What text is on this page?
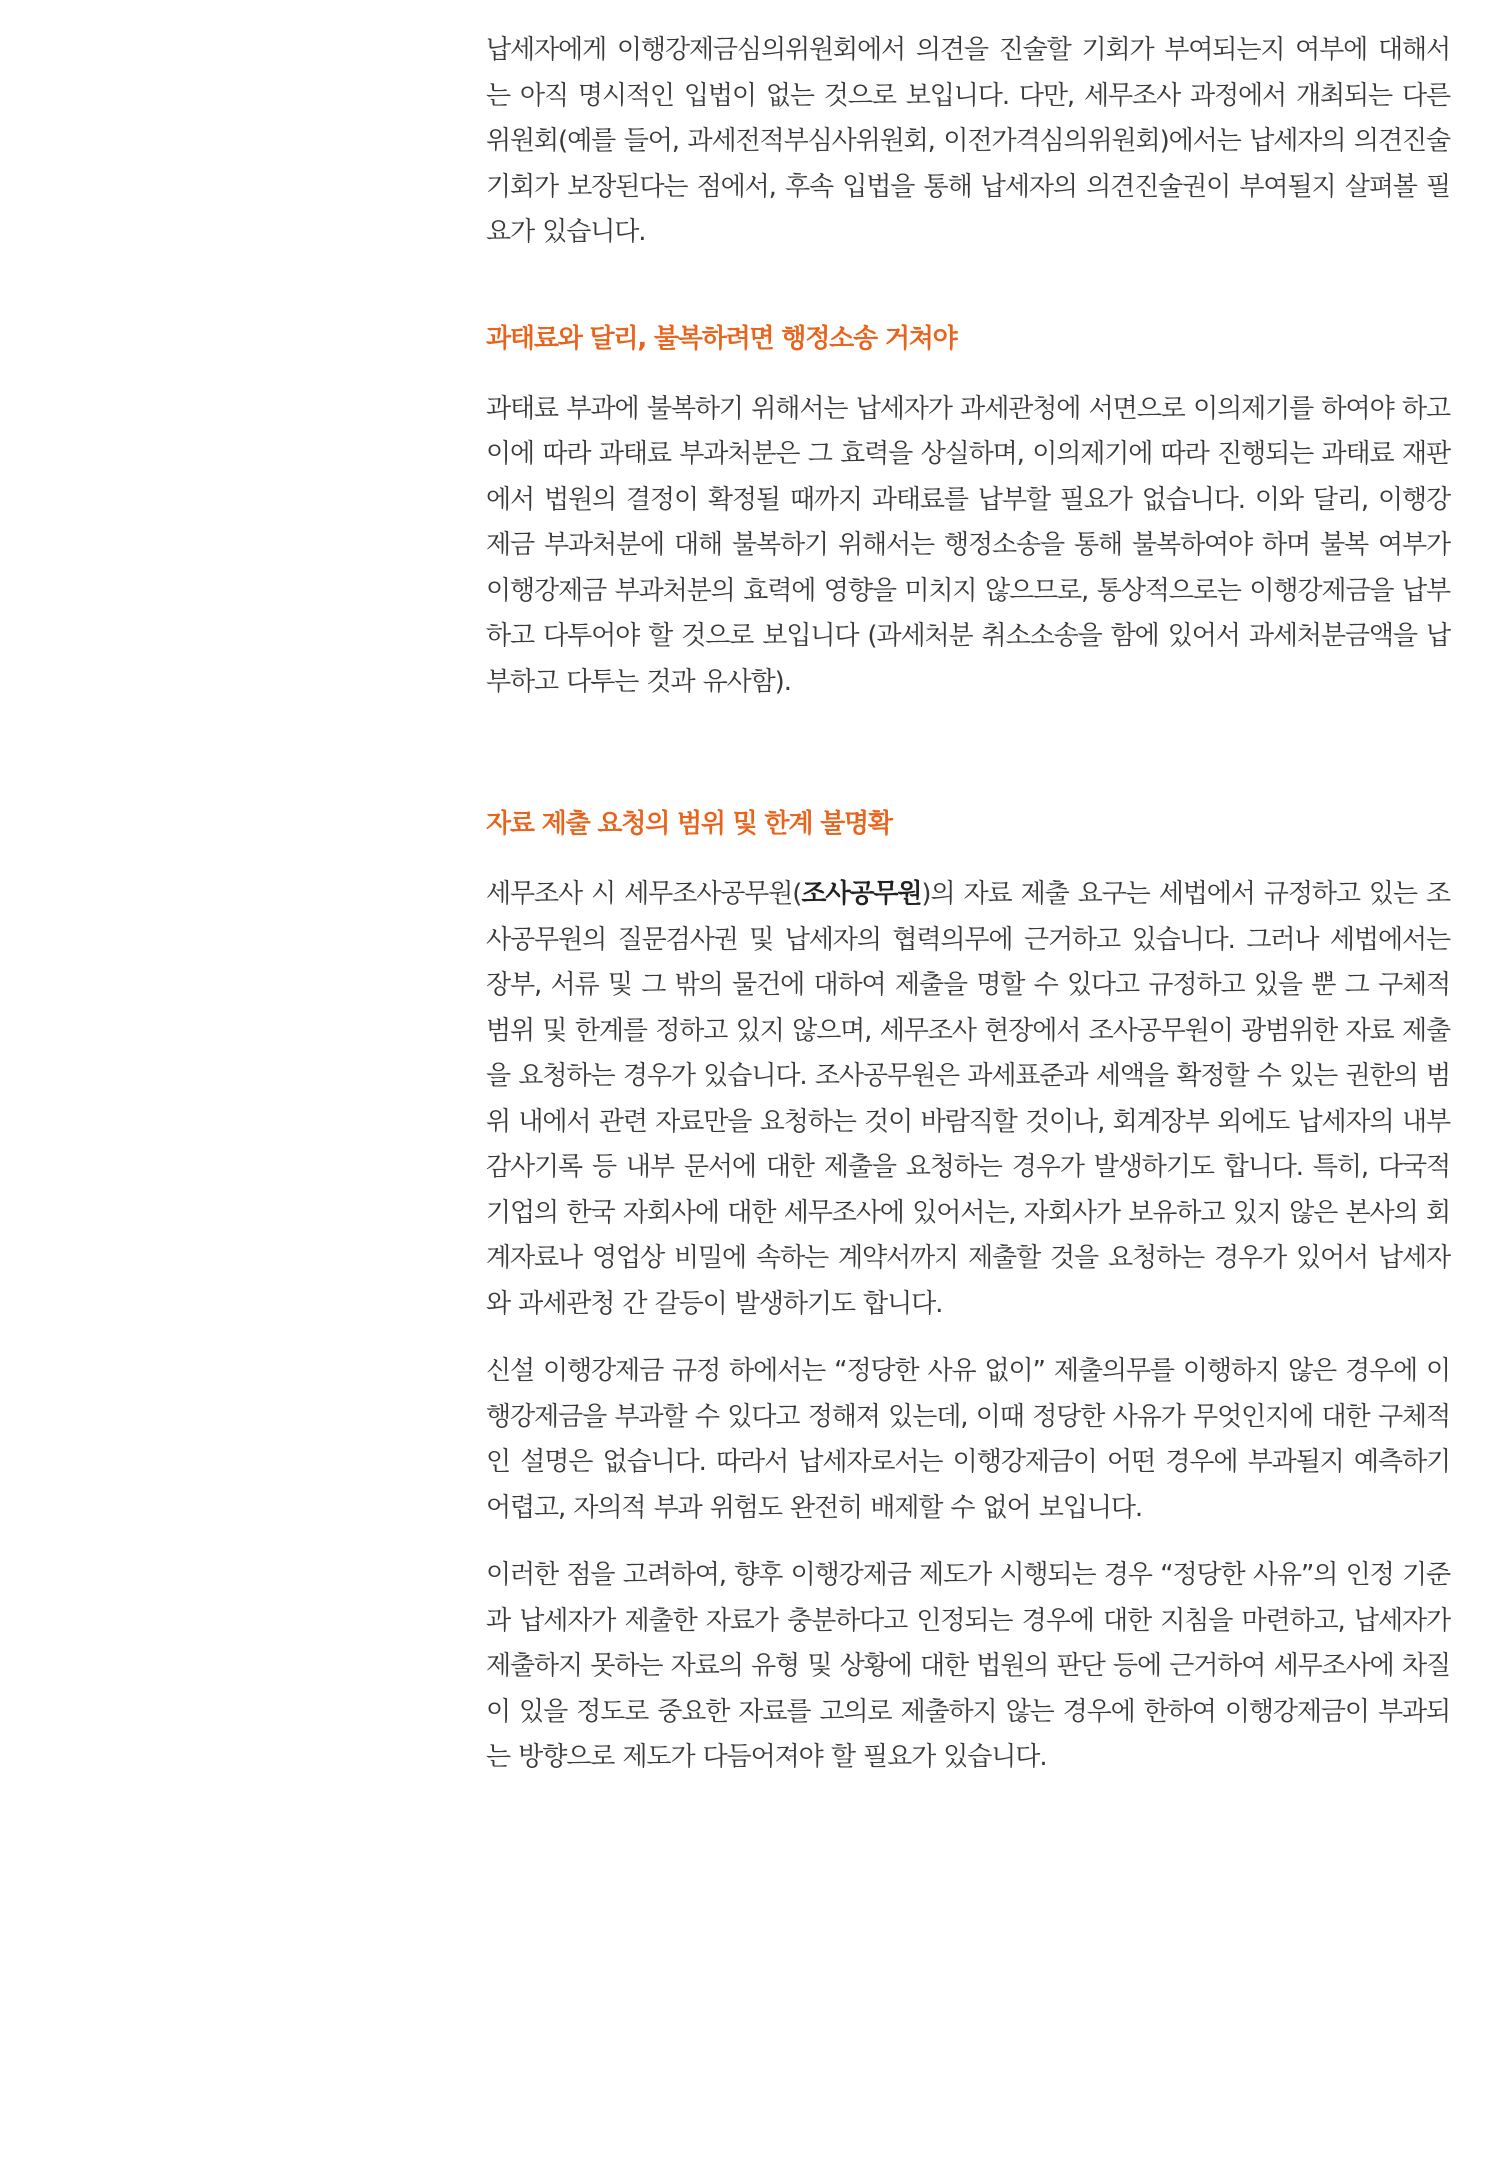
납세자에게 이행강제금심의위원회에서 의견을 진술할 기회가 부여되는지 여부에 대해서는 아직 명시적인 입법이 없는 것으로 보입니다. 다만, 세무조사 과정에서 개최되는 다른 위원회(예를 들어, 과세전적부심사위원회, 이전가격심의위원회)에서는 납세자의 의견진술기회가 보장된다는 점에서, 후속 입법을 통해 납세자의 의견진술권이 부여될지 살펴볼 필요가 있습니다.

과태료와 달리, 불복하려면 행정소송 거쳐야

과태료 부과에 불복하기 위해서는 납세자가 과세관청에 서면으로 이의제기를 하여야 하고 이에 따라 과태료 부과처분은 그 효력을 상실하며, 이의제기에 따라 진행되는 과태료 재판에서 법원의 결정이 확정될 때까지 과태료를 납부할 필요가 없습니다. 이와 달리, 이행강제금 부과처분에 대해 불복하기 위해서는 행정소송을 통해 불복하여야 하며 불복 여부가 이행강제금 부과처분의 효력에 영향을 미치지 않으므로, 통상적으로는 이행강제금을 납부하고 다투어야 할 것으로 보입니다 (과세처분 취소소송을 함에 있어서 과세처분금액을 납부하고 다투는 것과 유사함).

자료 제출 요청의 범위 및 한계 불명확

세무조사 시 세무조사공무원(조사공무원)의 자료 제출 요구는 세법에서 규정하고 있는 조사공무원의 질문검사권 및 납세자의 협력의무에 근거하고 있습니다. 그러나 세법에서는 장부, 서류 및 그 밖의 물건에 대하여 제출을 명할 수 있다고 규정하고 있을 뿐 그 구체적 범위 및 한계를 정하고 있지 않으며, 세무조사 현장에서 조사공무원이 광범위한 자료 제출을 요청하는 경우가 있습니다. 조사공무원은 과세표준과 세액을 확정할 수 있는 권한의 범위 내에서 관련 자료만을 요청하는 것이 바람직할 것이나, 회계장부 외에도 납세자의 내부감사기록 등 내부 문서에 대한 제출을 요청하는 경우가 발생하기도 합니다. 특히, 다국적기업의 한국 자회사에 대한 세무조사에 있어서는, 자회사가 보유하고 있지 않은 본사의 회계자료나 영업상 비밀에 속하는 계약서까지 제출할 것을 요청하는 경우가 있어서 납세자와 과세관청 간 갈등이 발생하기도 합니다.

신설 이행강제금 규정 하에서는 “정당한 사유 없이” 제출의무를 이행하지 않은 경우에 이행강제금을 부과할 수 있다고 정해져 있는데, 이때 정당한 사유가 무엇인지에 대한 구체적인 설명은 없습니다. 따라서 납세자로서는 이행강제금이 어떤 경우에 부과될지 예측하기 어렵고, 자의적 부과 위험도 완전히 배제할 수 없어 보입니다.

이러한 점을 고려하여, 향후 이행강제금 제도가 시행되는 경우 “정당한 사유”의 인정 기준과 납세자가 제출한 자료가 충분하다고 인정되는 경우에 대한 지침을 마련하고, 납세자가 제출하지 못하는 자료의 유형 및 상황에 대한 법원의 판단 등에 근거하여 세무조사에 차질이 있을 정도로 중요한 자료를 고의로 제출하지 않는 경우에 한하여 이행강제금이 부과되는 방향으로 제도가 다듬어져야 할 필요가 있습니다.
